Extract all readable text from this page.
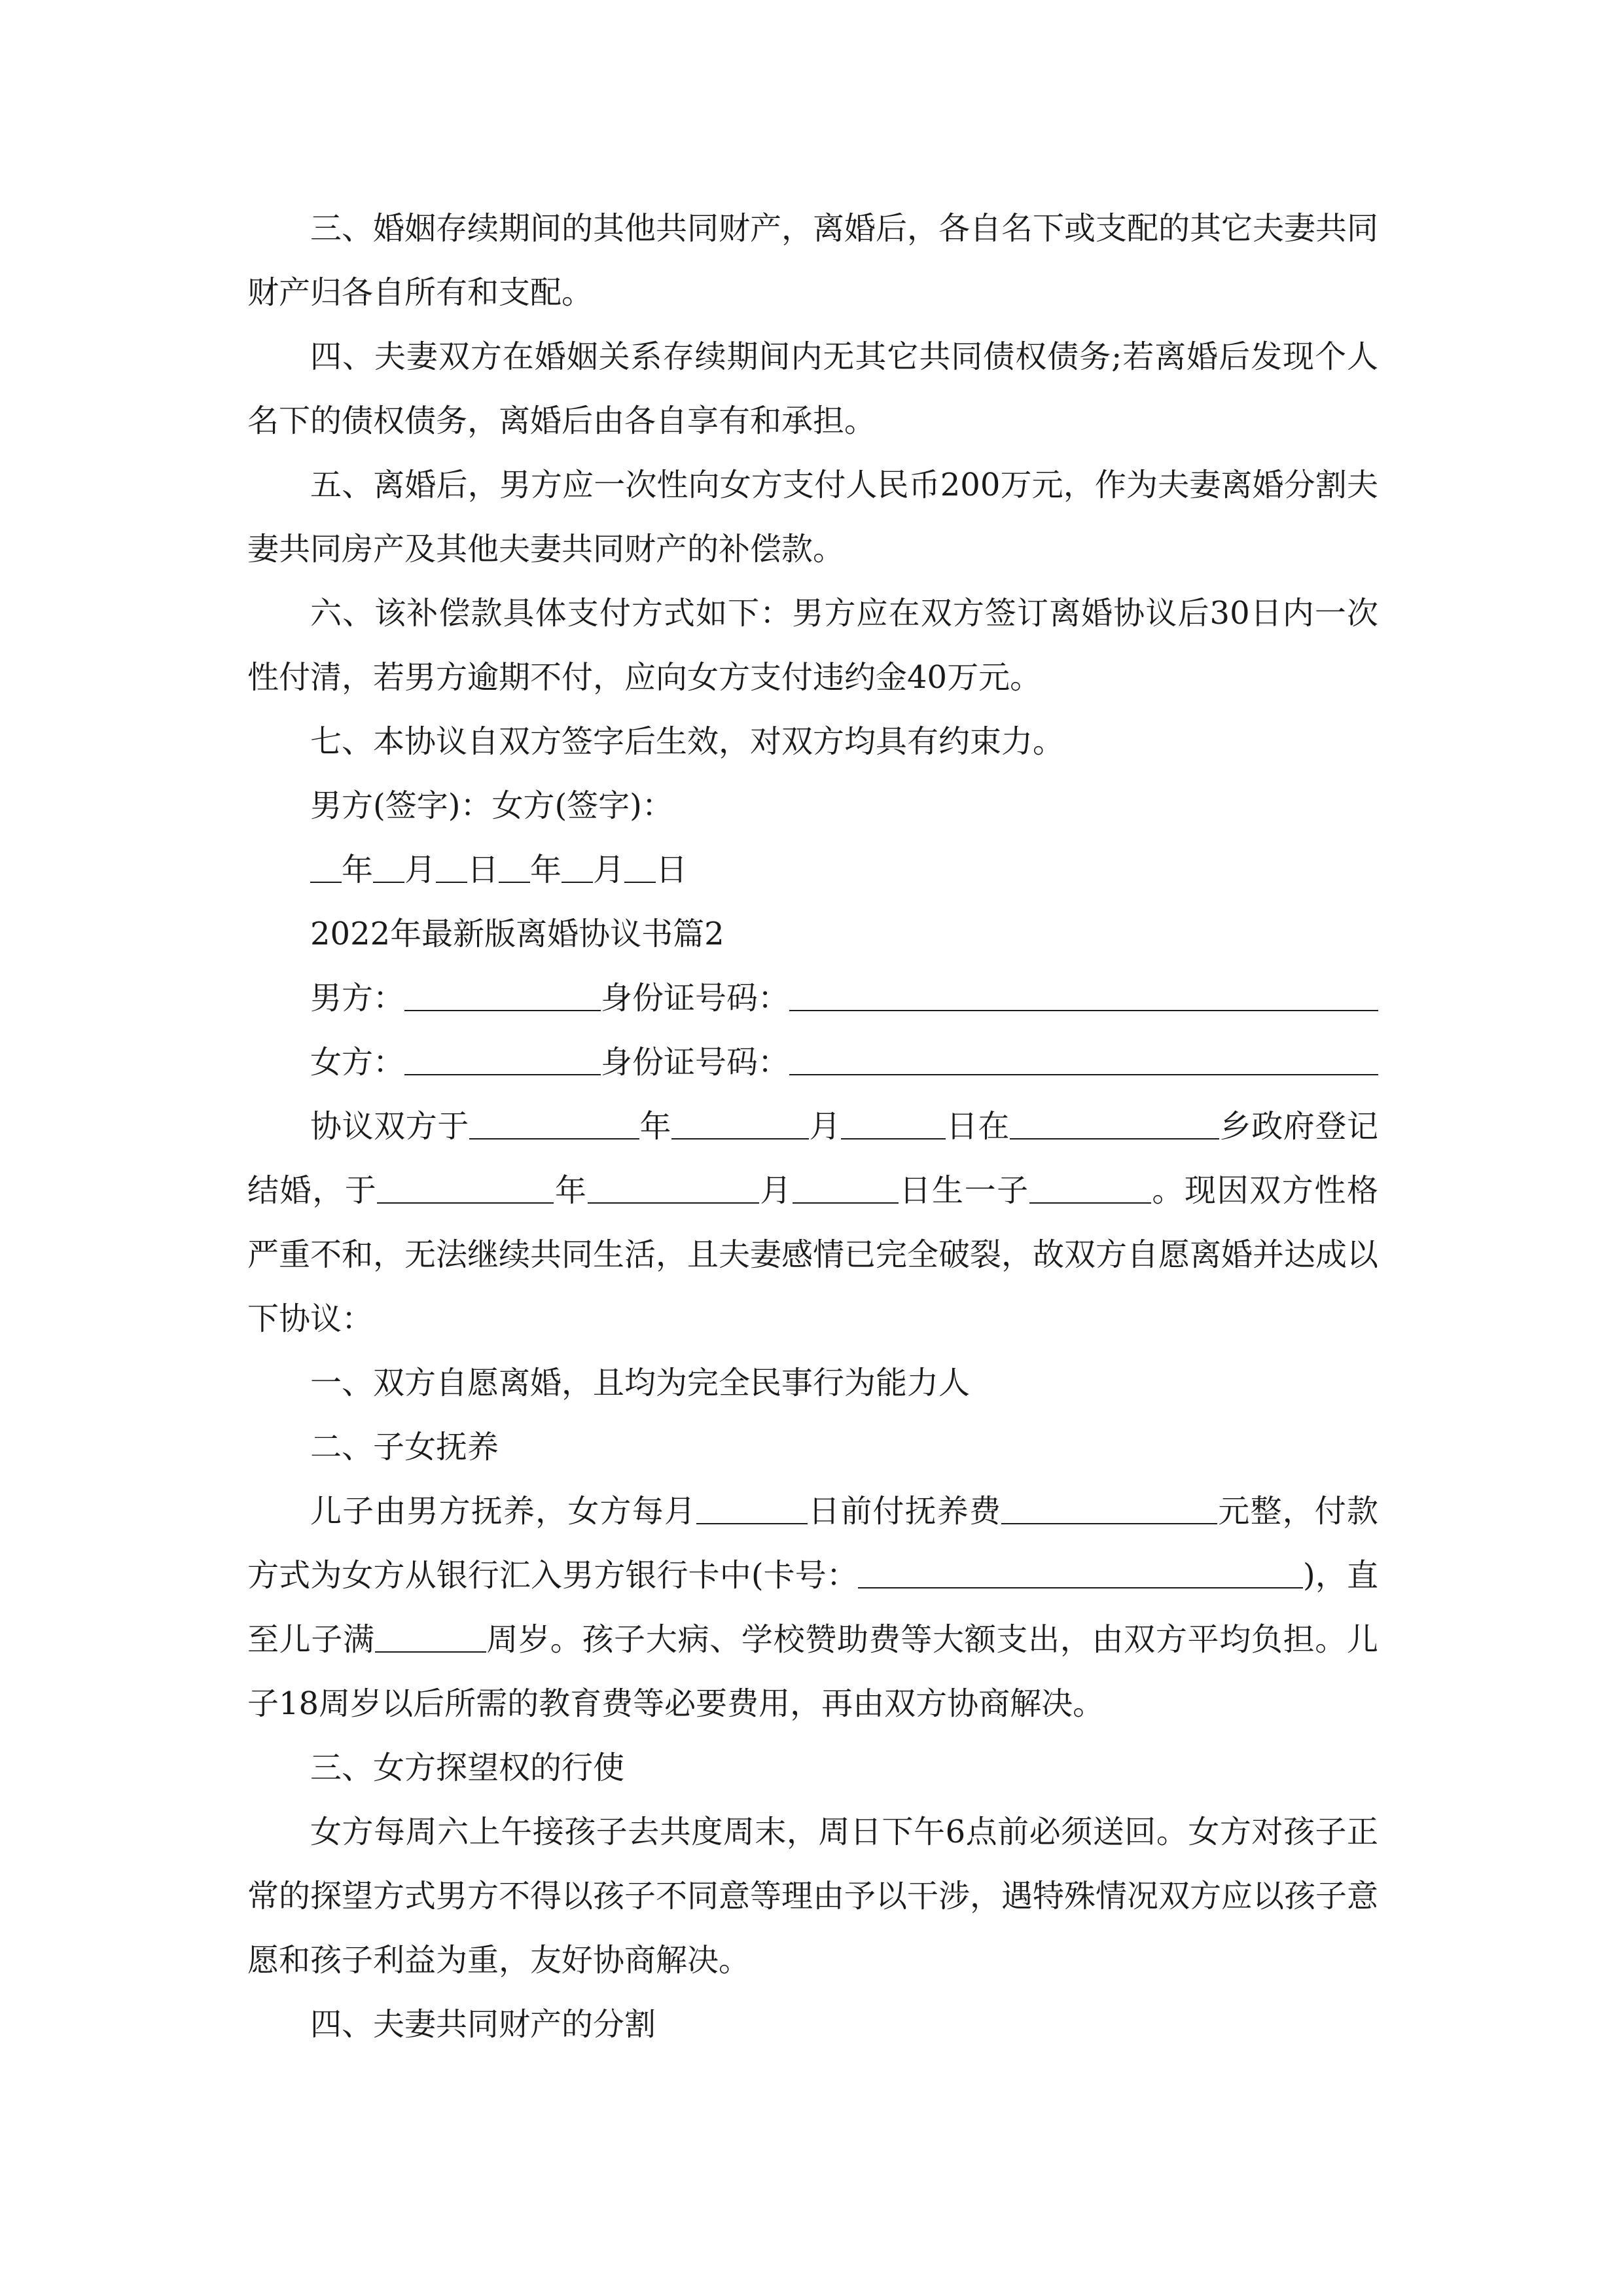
三、婚姻存续期间的其他共同财产，离婚后，各自名下或支配的其它夫妻共同财产归各自所有和支配。

四、夫妻双方在婚姻关系存续期间内无其它共同债权债务;若离婚后发现个人名下的债权债务，离婚后由各自享有和承担。

五、离婚后，男方应一次性向女方支付人民币200万元，作为夫妻离婚分割夫妻共同房产及其他夫妻共同财产的补偿款。

六、该补偿款具体支付方式如下：男方应在双方签订离婚协议后30日内一次性付清，若男方逾期不付，应向女方支付违约金40万元。

七、本协议自双方签字后生效，对双方均具有约束力。

男方(签字)：女方(签字)：

年 月 日 年 月 日

2022年最新版离婚协议书篇2

男方：	身份证号码：

女方：	身份证号码：

协议双方于	年	月	日在	乡政府登记结婚，于	年	月	日生一子	。现因双方性格严重不和，无法继续共同生活，且夫妻感情已完全破裂，故双方自愿离婚并达成以下协议：

一、双方自愿离婚，且均为完全民事行为能力人

二、子女抚养

儿子由男方抚养，女方每月	日前付抚养费	元整，付款方式为女方从银行汇入男方银行卡中(卡号：	)，直至儿子满	周岁。孩子大病、学校赞助费等大额支出，由双方平均负担。儿子18周岁以后所需的教育费等必要费用，再由双方协商解决。

三、女方探望权的行使

女方每周六上午接孩子去共度周末，周日下午6点前必须送回。女方对孩子正常的探望方式男方不得以孩子不同意等理由予以干涉，遇特殊情况双方应以孩子意愿和孩子利益为重，友好协商解决。

四、夫妻共同财产的分割
